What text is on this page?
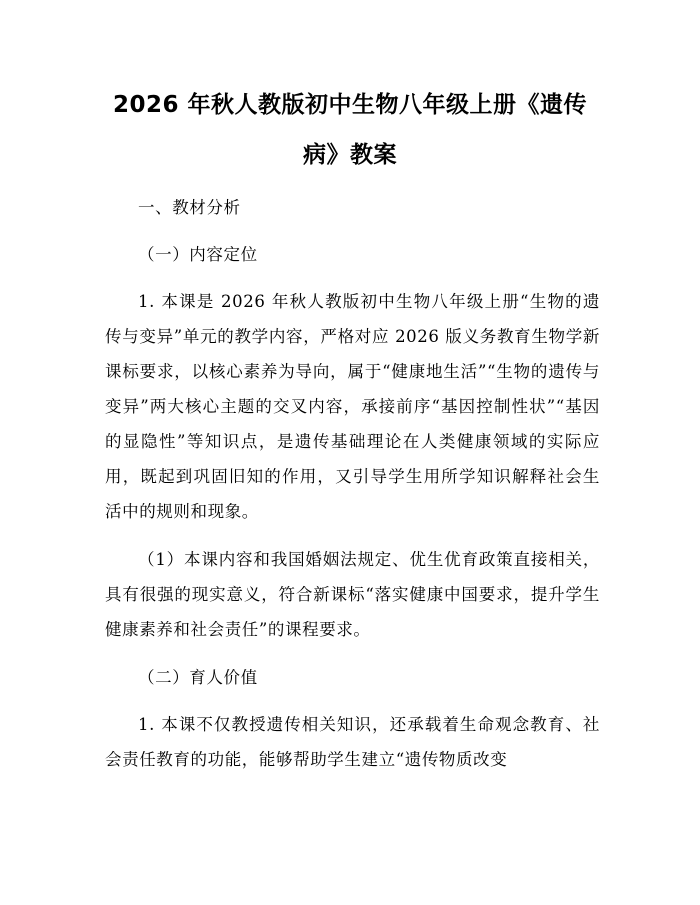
2026 年秋人教版初中生物八年级上册《遗传
病》教案

一、教材分析

（一）内容定位

1. 本课是 2026 年秋人教版初中生物八年级上册“生物的遗传与变异”单元的教学内容，严格对应 2026 版义务教育生物学新课标要求，以核心素养为导向，属于“健康地生活”“生物的遗传与变异”两大核心主题的交叉内容，承接前序“基因控制性状”“基因的显隐性”等知识点，是遗传基础理论在人类健康领域的实际应用，既起到巩固旧知的作用，又引导学生用所学知识解释社会生活中的规则和现象。

（1）本课内容和我国婚姻法规定、优生优育政策直接相关，具有很强的现实意义，符合新课标“落实健康中国要求，提升学生健康素养和社会责任”的课程要求。

（二）育人价值

1. 本课不仅教授遗传相关知识，还承载着生命观念教育、社会责任教育的功能，能够帮助学生建立“遗传物质改变
